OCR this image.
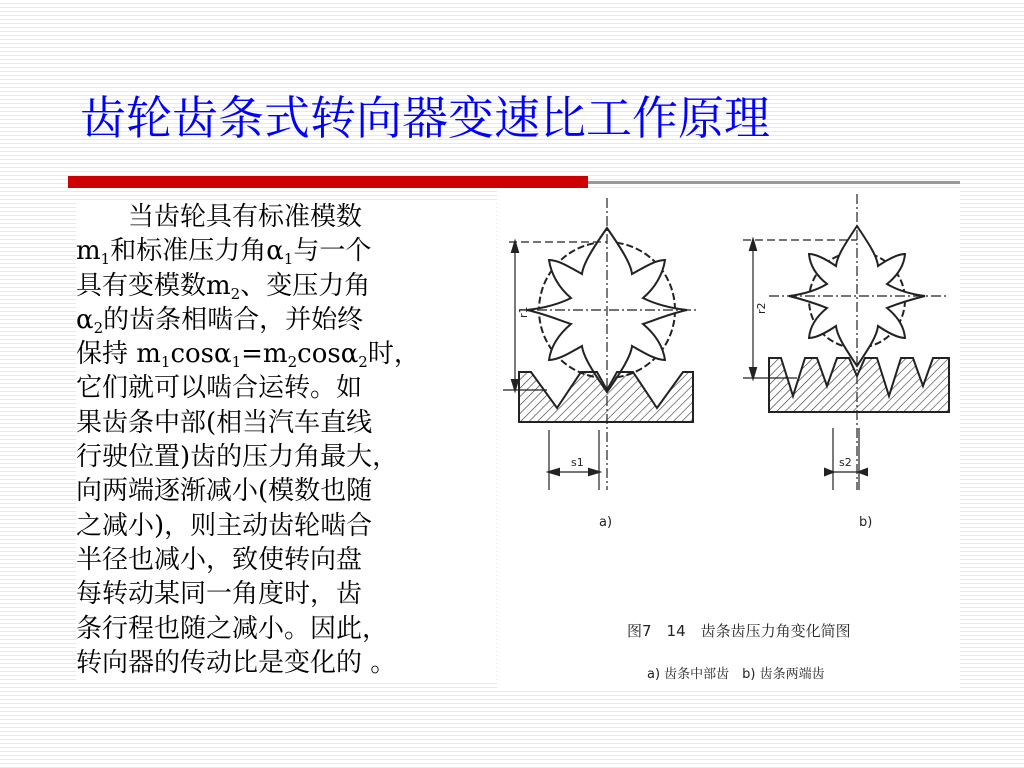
齿轮齿条式转向器变速比工作原理
　　当齿轮具有标准模数
$m_1$和标准压力角$\alpha_1$与一个
具有变模数$m_2$、变压力角
$\alpha_2$的齿条相啮合，并始终
保持 $m_1\cos\alpha_1=m_2\cos\alpha_2$时，
它们就可以啮合运转。如
果齿条中部(相当汽车直线
行驶位置)齿的压力角最大，
向两端逐渐减小(模数也随
之减小)，则主动齿轮啮合
半径也减小，致使转向盘
每转动某同一角度时，齿
条行程也随之减小。因此，
转向器的传动比是变化的 。
r1	r2
s1	s2
a)	b)
图7　14　齿条齿压力角变化简图
a) 齿条中部齿　b) 齿条两端齿
